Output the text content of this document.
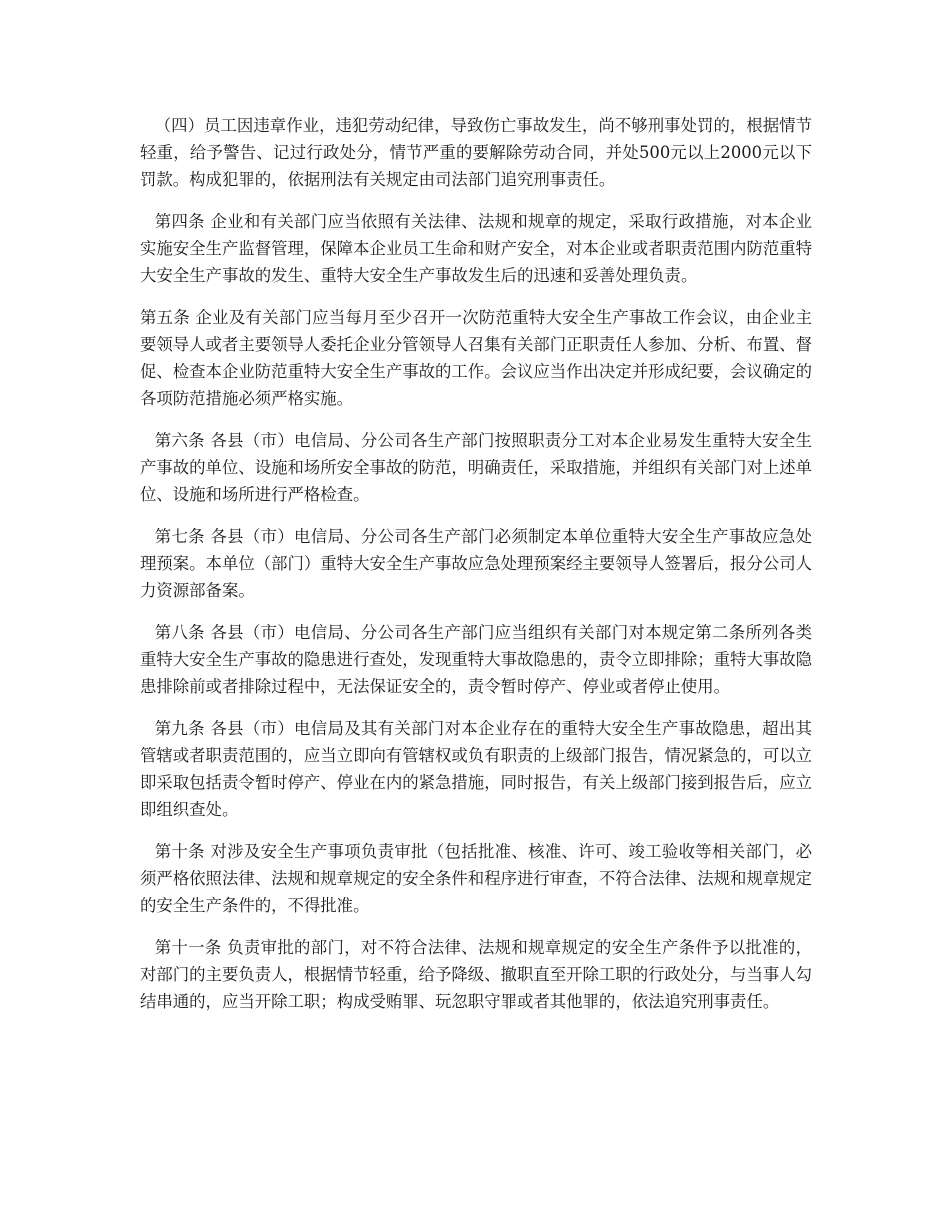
（四）员工因违章作业，违犯劳动纪律，导致伤亡事故发生，尚不够刑事处罚的，根据情节轻重，给予警告、记过行政处分，情节严重的要解除劳动合同，并处500元以上2000元以下罚款。构成犯罪的，依据刑法有关规定由司法部门追究刑事责任。

第四条 企业和有关部门应当依照有关法律、法规和规章的规定，采取行政措施，对本企业实施安全生产监督管理，保障本企业员工生命和财产安全，对本企业或者职责范围内防范重特大安全生产事故的发生、重特大安全生产事故发生后的迅速和妥善处理负责。

第五条 企业及有关部门应当每月至少召开一次防范重特大安全生产事故工作会议，由企业主要领导人或者主要领导人委托企业分管领导人召集有关部门正职责任人参加、分析、布置、督促、检查本企业防范重特大安全生产事故的工作。会议应当作出决定并形成纪要，会议确定的各项防范措施必须严格实施。

第六条 各县（市）电信局、分公司各生产部门按照职责分工对本企业易发生重特大安全生产事故的单位、设施和场所安全事故的防范，明确责任，采取措施，并组织有关部门对上述单位、设施和场所进行严格检查。

第七条 各县（市）电信局、分公司各生产部门必须制定本单位重特大安全生产事故应急处理预案。本单位（部门）重特大安全生产事故应急处理预案经主要领导人签署后，报分公司人力资源部备案。

第八条 各县（市）电信局、分公司各生产部门应当组织有关部门对本规定第二条所列各类重特大安全生产事故的隐患进行查处，发现重特大事故隐患的，责令立即排除；重特大事故隐患排除前或者排除过程中，无法保证安全的，责令暂时停产、停业或者停止使用。

第九条 各县（市）电信局及其有关部门对本企业存在的重特大安全生产事故隐患，超出其管辖或者职责范围的，应当立即向有管辖权或负有职责的上级部门报告，情况紧急的，可以立即采取包括责令暂时停产、停业在内的紧急措施，同时报告，有关上级部门接到报告后，应立即组织查处。

第十条 对涉及安全生产事项负责审批（包括批准、核准、许可、竣工验收等相关部门，必须严格依照法律、法规和规章规定的安全条件和程序进行审查，不符合法律、法规和规章规定的安全生产条件的，不得批准。

第十一条 负责审批的部门，对不符合法律、法规和规章规定的安全生产条件予以批准的，对部门的主要负责人，根据情节轻重，给予降级、撤职直至开除工职的行政处分，与当事人勾结串通的，应当开除工职；构成受贿罪、玩忽职守罪或者其他罪的，依法追究刑事责任。
